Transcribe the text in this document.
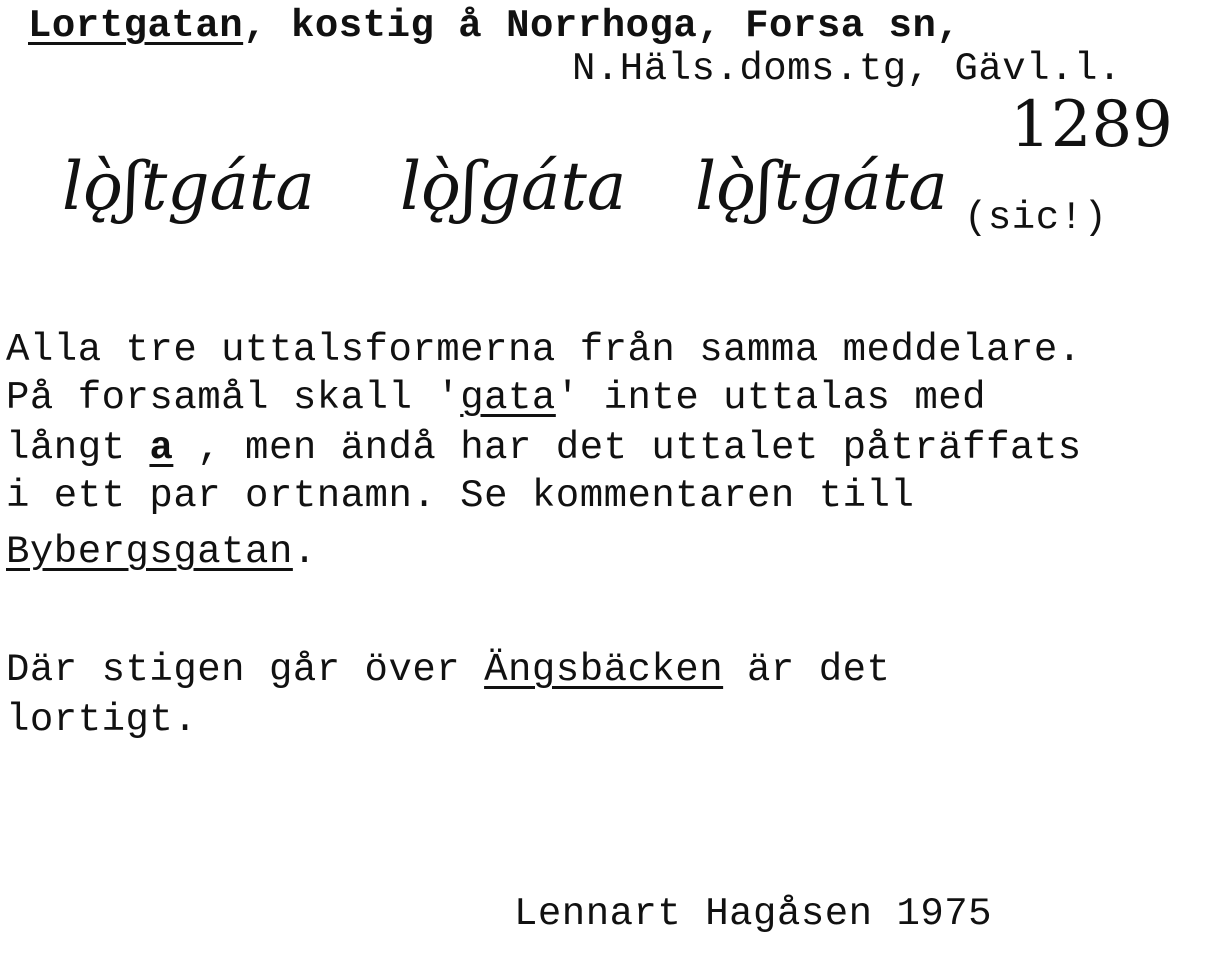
Lortgatan, kostig å Norrhoga, Forsa sn,
N.Häls.doms.tg, Gävl.l.
1289
lǫ̀ʃtgáta lǫ̀ʃgáta lǫ̀ʃtgáta (sic!)
Alla tre uttalsformerna från samma meddelare.
På forsamål skall 'gata' inte uttalas med
långt a , men ändå har det uttalet påträffats
i ett par ortnamn. Se kommentaren till
Bybergsgatan.
Där stigen går över Ängsbäcken är det
lortigt.
Lennart Hagåsen 1975
